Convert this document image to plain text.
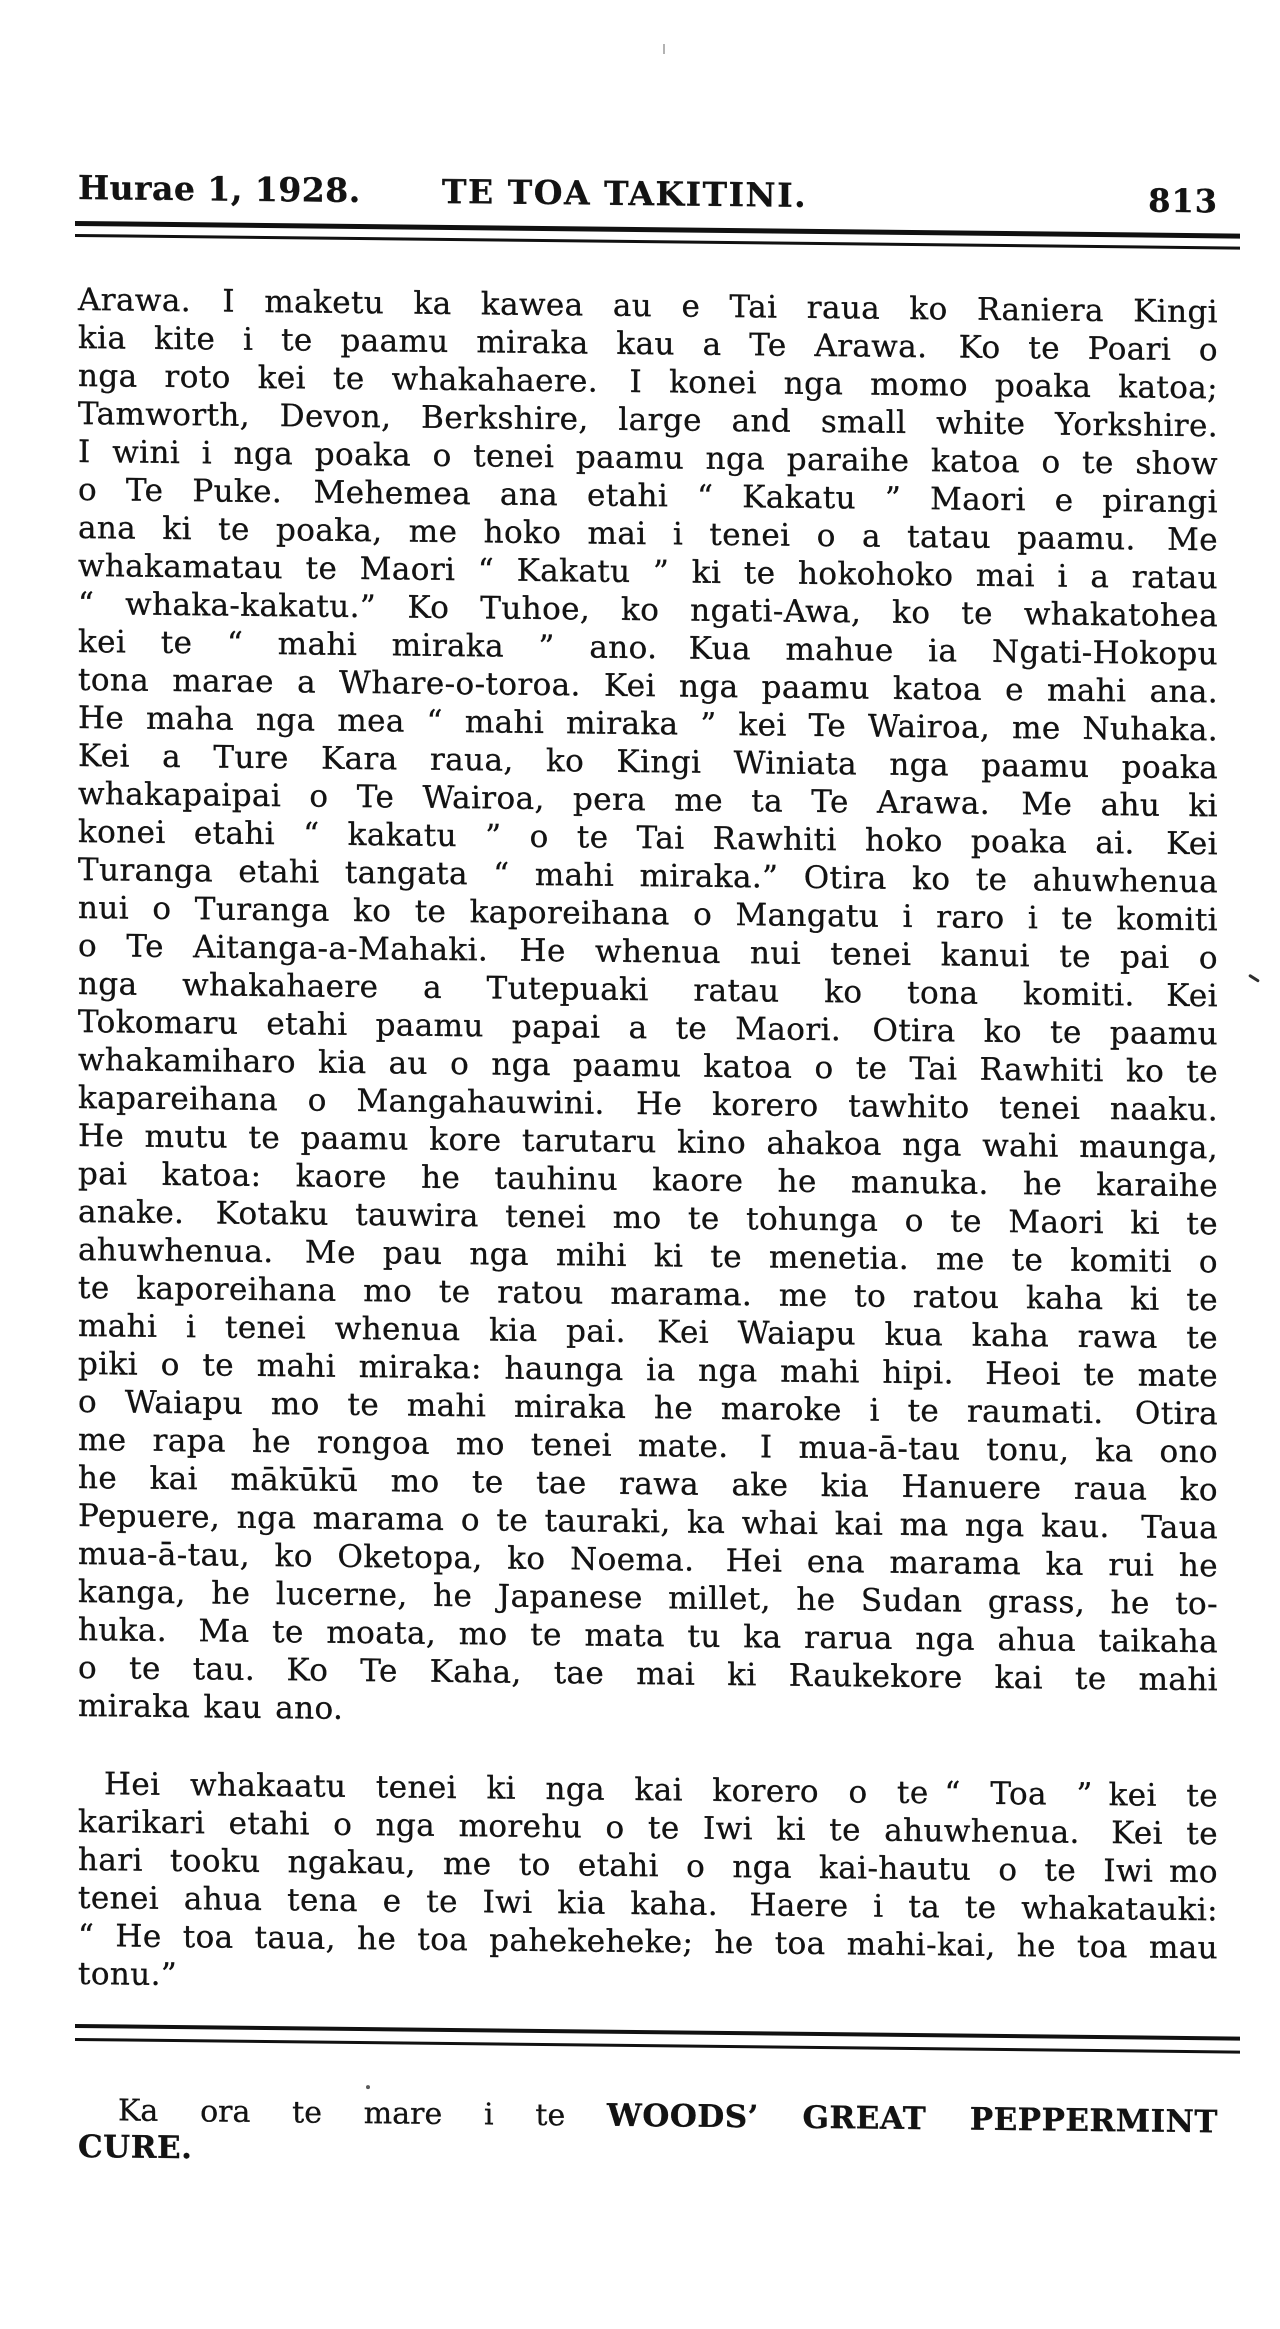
Hurae 1, 1928. TE TOA TAKITINI.	813
Arawa. I maketu ka kawea au e Tai raua ko Raniera Kingi
kia kite i te paamu miraka kau a Te Arawa. Ko te Poari o
nga roto kei te whakahaere. I konei nga momo poaka katoa;
Tamworth, Devon, Berkshire, large and small white Yorkshire.
I wini i nga poaka o tenei paamu nga paraihe katoa o te show
o Te Puke. Mehemea ana etahi “ Kakatu ” Maori e pirangi
ana ki te poaka, me hoko mai i tenei o a tatau paamu. Me
whakamatau te Maori “ Kakatu ” ki te hokohoko mai i a ratau
“ whaka-kakatu.” Ko Tuhoe, ko ngati-Awa, ko te whakatohea
kei te “ mahi miraka ” ano. Kua mahue ia Ngati-Hokopu
tona marae a Whare-o-toroa. Kei nga paamu katoa e mahi ana.
He maha nga mea “ mahi miraka ” kei Te Wairoa, me Nuhaka.
Kei a Ture Kara raua, ko Kingi Winiata nga paamu poaka
whakapaipai o Te Wairoa, pera me ta Te Arawa. Me ahu ki
konei etahi “ kakatu ” o te Tai Rawhiti hoko poaka ai. Kei
Turanga etahi tangata “ mahi miraka.” Otira ko te ahuwhenua
nui o Turanga ko te kaporeihana o Mangatu i raro i te komiti
o Te Aitanga-a-Mahaki. He whenua nui tenei kanui te pai o
nga whakahaere a Tutepuaki ratau ko tona komiti. Kei
Tokomaru etahi paamu papai a te Maori. Otira ko te paamu
whakamiharo kia au o nga paamu katoa o te Tai Rawhiti ko te
kapareihana o Mangahauwini. He korero tawhito tenei naaku.
He mutu te paamu kore tarutaru kino ahakoa nga wahi maunga,
pai katoa: kaore he tauhinu kaore he manuka. he karaihe
anake. Kotaku tauwira tenei mo te tohunga o te Maori ki te
ahuwhenua. Me pau nga mihi ki te menetia. me te komiti o
te kaporeihana mo te ratou marama. me to ratou kaha ki te
mahi i tenei whenua kia pai. Kei Waiapu kua kaha rawa te
piki o te mahi miraka: haunga ia nga mahi hipi. Heoi te mate
o Waiapu mo te mahi miraka he maroke i te raumati. Otira
me rapa he rongoa mo tenei mate. I mua-ā-tau tonu, ka ono
he kai mākūkū mo te tae rawa ake kia Hanuere raua ko
Pepuere, nga marama o te tauraki, ka whai kai ma nga kau. Taua
mua-ā-tau, ko Oketopa, ko Noema. Hei ena marama ka rui he
kanga, he lucerne, he Japanese millet, he Sudan grass, he to-
huka. Ma te moata, mo te mata tu ka rarua nga ahua taikaha
o te tau. Ko Te Kaha, tae mai ki Raukekore kai te mahi
miraka kau ano.
Hei whakaatu tenei ki nga kai korero o te “ Toa ” kei te
karikari etahi o nga morehu o te Iwi ki te ahuwhenua. Kei te
hari tooku ngakau, me to etahi o nga kai-hautu o te Iwi mo
tenei ahua tena e te Iwi kia kaha. Haere i ta te whakatauki:
“ He toa taua, he toa pahekeheke; he toa mahi-kai, he toa mau
tonu.”
Ka ora te mare i te WOODS’ GREAT PEPPERMINT
CURE.
